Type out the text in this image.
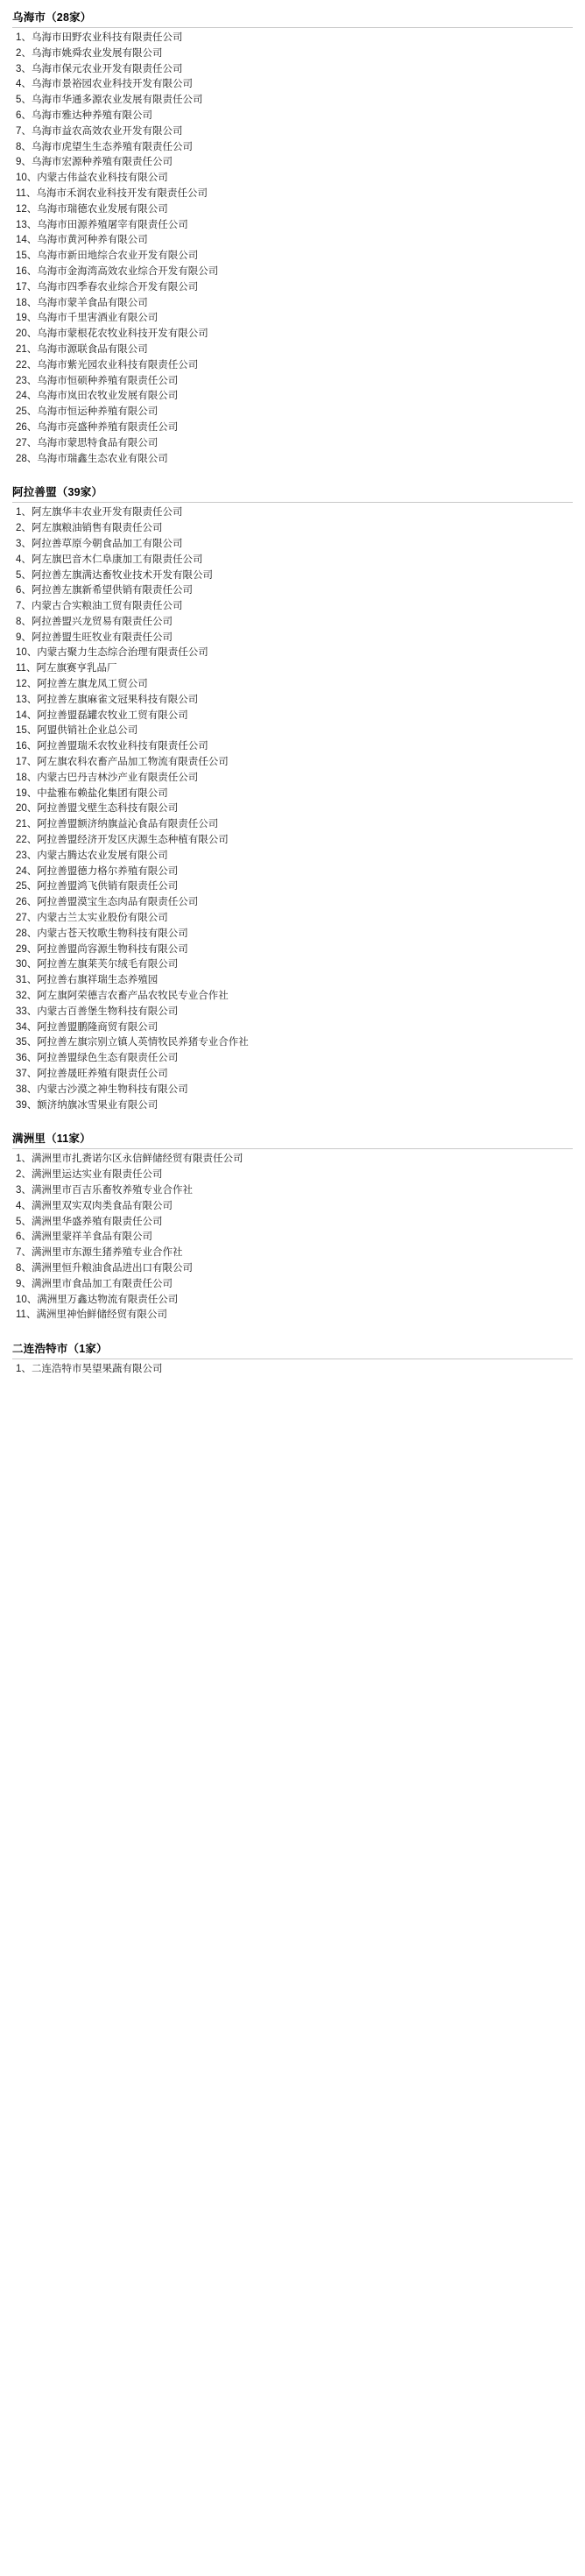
乌海市（28家）
1、乌海市田野农业科技有限责任公司
2、乌海市姚舜农业发展有限公司
3、乌海市保元农业开发有限责任公司
4、乌海市景裕园农业科技开发有限公司
5、乌海市华通多源农业发展有限责任公司
6、乌海市雅达种养殖有限公司
7、乌海市益农高效农业开发有限公司
8、乌海市虎望生生态养殖有限责任公司
9、乌海市宏源种养殖有限责任公司
10、内蒙古伟益农业科技有限公司
11、乌海市禾润农业科技开发有限责任公司
12、乌海市瑞德农业发展有限公司
13、乌海市田源养殖屠宰有限责任公司
14、乌海市黄河种养有限公司
15、乌海市新田地综合农业开发有限公司
16、乌海市金海湾高效农业综合开发有限公司
17、乌海市四季春农业综合开发有限公司
18、乌海市蒙羊食品有限公司
19、乌海市千里害酒业有限公司
20、乌海市蒙根花农牧业科技开发有限公司
21、乌海市源联食品有限公司
22、乌海市紫光园农业科技有限责任公司
23、乌海市恒硕种养殖有限责任公司
24、乌海市岚田农牧业发展有限公司
25、乌海市恒运种养殖有限公司
26、乌海市亮盛种养殖有限责任公司
27、乌海市蒙思特食品有限公司
28、乌海市瑞鑫生态农业有限公司
阿拉善盟（39家）
1、阿左旗华丰农业开发有限责任公司
2、阿左旗粮油销售有限责任公司
3、阿拉善草原今朝食品加工有限公司
4、阿左旗巴音木仁阜康加工有限责任公司
5、阿拉善左旗满达畜牧业技术开发有限公司
6、阿拉善左旗新希望供销有限责任公司
7、内蒙古合实粮油工贸有限责任公司
8、阿拉善盟兴龙贸易有限责任公司
9、阿拉善盟生旺牧业有限责任公司
10、内蒙古聚力生态综合治理有限责任公司
11、阿左旗赛亨乳品厂
12、阿拉善左旗龙凤工贸公司
13、阿拉善左旗麻雀文冠果科技有限公司
14、阿拉善盟磊罐农牧业工贸有限公司
15、阿盟供销社企业总公司
16、阿拉善盟瑞禾农牧业科技有限责任公司
17、阿左旗农科农畜产品加工物流有限责任公司
18、内蒙古巴丹吉林沙产业有限责任公司
19、中盐雅布赖盐化集团有限公司
20、阿拉善盟戈壁生态科技有限公司
21、阿拉善盟额济纳旗益沁食品有限责任公司
22、阿拉善盟经济开发区庆源生态种植有限公司
23、内蒙古腾达农业发展有限公司
24、阿拉善盟德力格尔养殖有限公司
25、阿拉善盟鸿飞供销有限责任公司
26、阿拉善盟漠宝生态肉品有限责任公司
27、内蒙古兰太实业股份有限公司
28、内蒙古苍天牧歌生物科技有限公司
29、阿拉善盟尚容源生物科技有限公司
30、阿拉善左旗莱芙尔绒毛有限公司
31、阿拉善右旗祥瑞生态养殖园
32、阿左旗阿荣德吉农畜产品农牧民专业合作社
33、内蒙古百善堡生物科技有限公司
34、阿拉善盟鹏隆商贸有限公司
35、阿拉善左旗宗别立镇人英情牧民养猪专业合作社
36、阿拉善盟绿色生态有限责任公司
37、阿拉善晟旺养殖有限责任公司
38、内蒙古沙漠之神生物科技有限公司
39、额济纳旗冰雪果业有限公司
满洲里（11家）
1、满洲里市扎赉诺尔区永信鲜储经贸有限责任公司
2、满洲里运达实业有限责任公司
3、满洲里市百吉乐畜牧养殖专业合作社
4、满洲里双实双肉类食品有限公司
5、满洲里华盛养殖有限责任公司
6、满洲里蒙祥羊食品有限公司
7、满洲里市东源生猪养殖专业合作社
8、满洲里恒升粮油食品进出口有限公司
9、满洲里市食品加工有限责任公司
10、满洲里万鑫达物流有限责任公司
11、满洲里神怡鲜储经贸有限公司
二连浩特市（1家）
1、二连浩特市昊望果蔬有限公司
